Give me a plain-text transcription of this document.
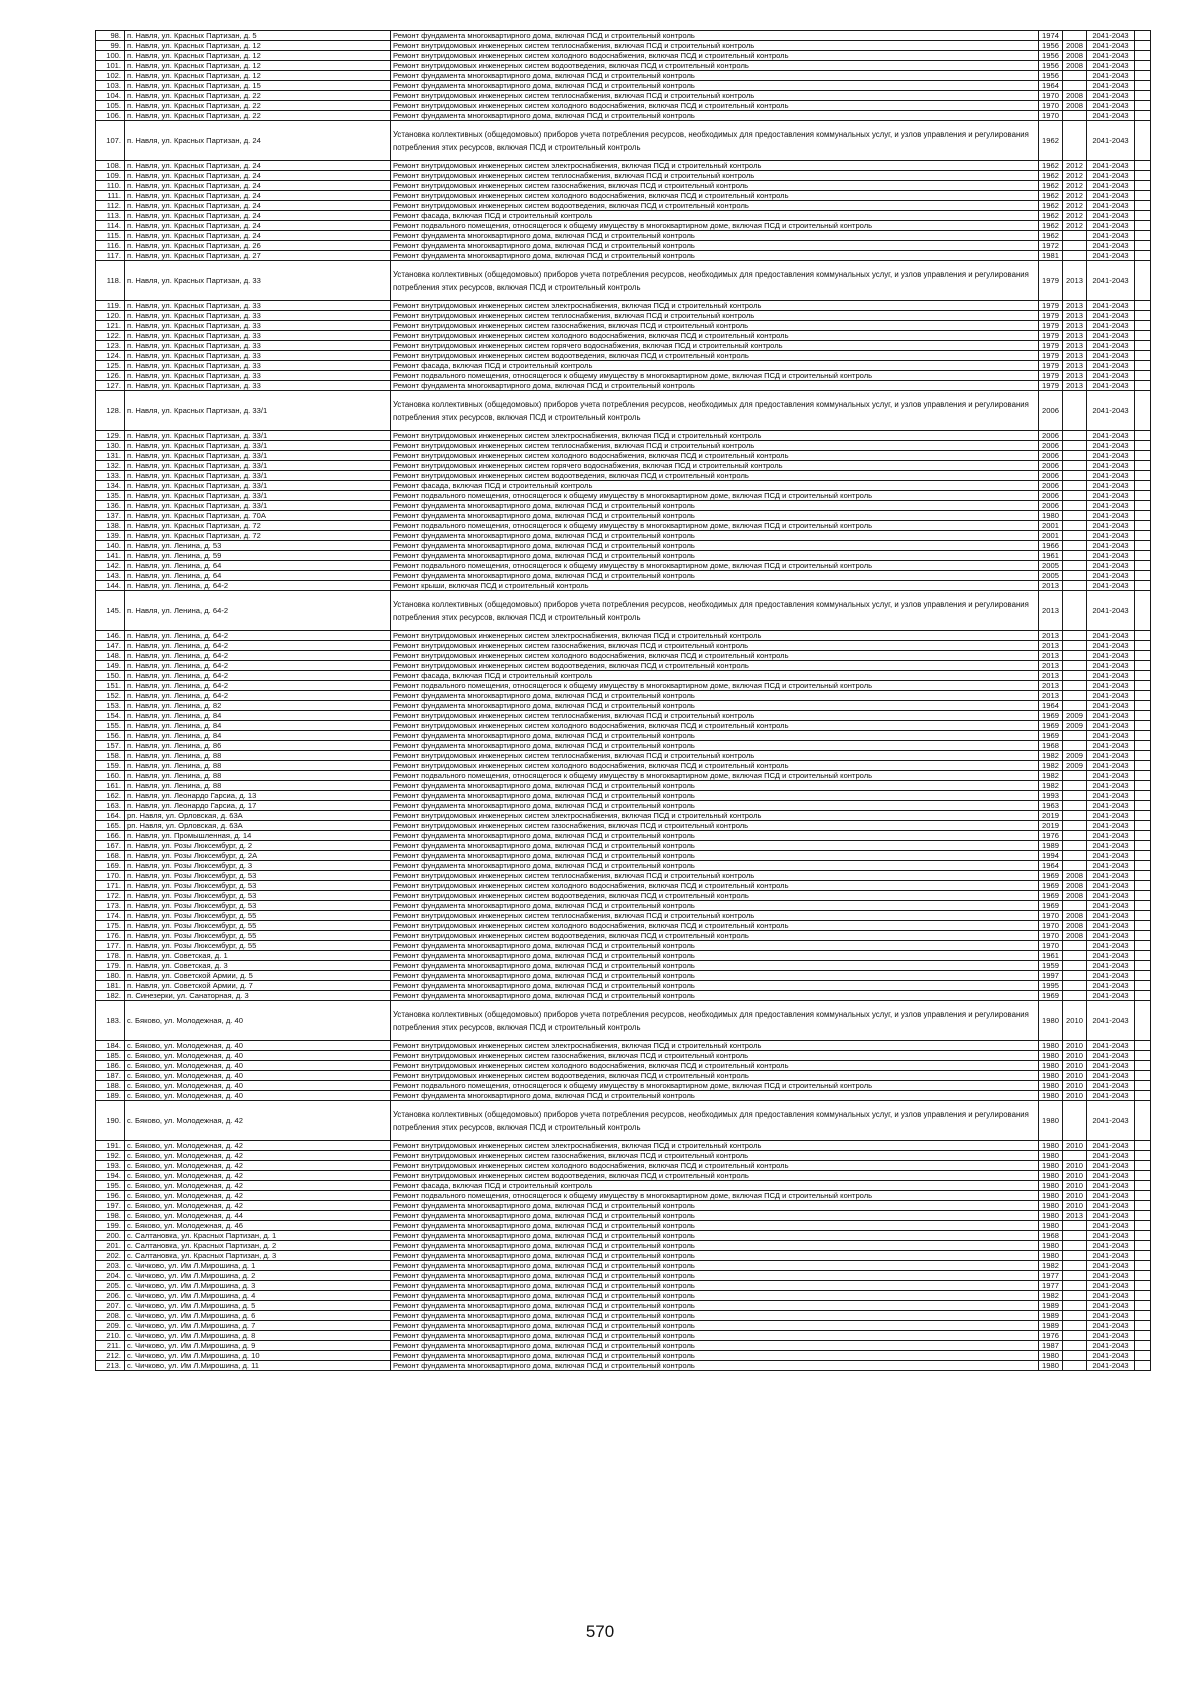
98.	п. Навля, ул. Красных Партизан, д. 5	Ремонт фундамента многоквартирного дома, включая ПСД и строительный контроль	1974		2041-2043	
99.	п. Навля, ул. Красных Партизан, д. 12	Ремонт внутридомовых инженерных систем теплоснабжения, включая ПСД и строительный контроль	1956	2008	2041-2043	
100.	п. Навля, ул. Красных Партизан, д. 12	Ремонт внутридомовых инженерных систем холодного водоснабжения, включая ПСД и строительный контроль	1956	2008	2041-2043	
101.	п. Навля, ул. Красных Партизан, д. 12	Ремонт внутридомовых инженерных систем водоотведения, включая ПСД и строительный контроль	1956	2008	2041-2043	
102.	п. Навля, ул. Красных Партизан, д. 12	Ремонт фундамента многоквартирного дома, включая ПСД и строительный контроль	1956		2041-2043	
103.	п. Навля, ул. Красных Партизан, д. 15	Ремонт фундамента многоквартирного дома, включая ПСД и строительный контроль	1964		2041-2043	
104.	п. Навля, ул. Красных Партизан, д. 22	Ремонт внутридомовых инженерных систем теплоснабжения, включая ПСД и строительный контроль	1970	2008	2041-2043	
105.	п. Навля, ул. Красных Партизан, д. 22	Ремонт внутридомовых инженерных систем холодного водоснабжения, включая ПСД и строительный контроль	1970	2008	2041-2043	
106.	п. Навля, ул. Красных Партизан, д. 22	Ремонт фундамента многоквартирного дома, включая ПСД и строительный контроль	1970		2041-2043	
107.	п. Навля, ул. Красных Партизан, д. 24	Установка коллективных (общедомовых) приборов учета потребления ресурсов, необходимых для предоставления коммунальных услуг, и узлов управления и регулирования потребления этих ресурсов, включая ПСД и строительный контроль	1962		2041-2043	
108.	п. Навля, ул. Красных Партизан, д. 24	Ремонт внутридомовых инженерных систем электроснабжения, включая ПСД и строительный контроль	1962	2012	2041-2043	
109.	п. Навля, ул. Красных Партизан, д. 24	Ремонт внутридомовых инженерных систем теплоснабжения, включая ПСД и строительный контроль	1962	2012	2041-2043	
110.	п. Навля, ул. Красных Партизан, д. 24	Ремонт внутридомовых инженерных систем газоснабжения, включая ПСД и строительный контроль	1962	2012	2041-2043	
111.	п. Навля, ул. Красных Партизан, д. 24	Ремонт внутридомовых инженерных систем холодного водоснабжения, включая ПСД и строительный контроль	1962	2012	2041-2043	
112.	п. Навля, ул. Красных Партизан, д. 24	Ремонт внутридомовых инженерных систем водоотведения, включая ПСД и строительный контроль	1962	2012	2041-2043	
113.	п. Навля, ул. Красных Партизан, д. 24	Ремонт фасада, включая ПСД и строительный контроль	1962	2012	2041-2043	
114.	п. Навля, ул. Красных Партизан, д. 24	Ремонт подвального помещения, относящегося к общему имуществу в многоквартирном доме, включая ПСД и строительный контроль	1962	2012	2041-2043	
115.	п. Навля, ул. Красных Партизан, д. 24	Ремонт фундамента многоквартирного дома, включая ПСД и строительный контроль	1962		2041-2043	
116.	п. Навля, ул. Красных Партизан, д. 26	Ремонт фундамента многоквартирного дома, включая ПСД и строительный контроль	1972		2041-2043	
117.	п. Навля, ул. Красных Партизан, д. 27	Ремонт фундамента многоквартирного дома, включая ПСД и строительный контроль	1981		2041-2043	
118.	п. Навля, ул. Красных Партизан, д. 33	Установка коллективных (общедомовых) приборов учета потребления ресурсов, необходимых для предоставления коммунальных услуг, и узлов управления и регулирования потребления этих ресурсов, включая ПСД и строительный контроль	1979	2013	2041-2043	
119.	п. Навля, ул. Красных Партизан, д. 33	Ремонт внутридомовых инженерных систем электроснабжения, включая ПСД и строительный контроль	1979	2013	2041-2043	
120.	п. Навля, ул. Красных Партизан, д. 33	Ремонт внутридомовых инженерных систем теплоснабжения, включая ПСД и строительный контроль	1979	2013	2041-2043	
121.	п. Навля, ул. Красных Партизан, д. 33	Ремонт внутридомовых инженерных систем газоснабжения, включая ПСД и строительный контроль	1979	2013	2041-2043	
122.	п. Навля, ул. Красных Партизан, д. 33	Ремонт внутридомовых инженерных систем холодного водоснабжения, включая ПСД и строительный контроль	1979	2013	2041-2043	
123.	п. Навля, ул. Красных Партизан, д. 33	Ремонт внутридомовых инженерных систем горячего водоснабжения, включая ПСД и строительный контроль	1979	2013	2041-2043	
124.	п. Навля, ул. Красных Партизан, д. 33	Ремонт внутридомовых инженерных систем водоотведения, включая ПСД и строительный контроль	1979	2013	2041-2043	
125.	п. Навля, ул. Красных Партизан, д. 33	Ремонт фасада, включая ПСД и строительный контроль	1979	2013	2041-2043	
126.	п. Навля, ул. Красных Партизан, д. 33	Ремонт подвального помещения, относящегося к общему имуществу в многоквартирном доме, включая ПСД и строительный контроль	1979	2013	2041-2043	
127.	п. Навля, ул. Красных Партизан, д. 33	Ремонт фундамента многоквартирного дома, включая ПСД и строительный контроль	1979	2013	2041-2043	
128.	п. Навля, ул. Красных Партизан, д. 33/1	Установка коллективных (общедомовых) приборов учета потребления ресурсов, необходимых для предоставления коммунальных услуг, и узлов управления и регулирования потребления этих ресурсов, включая ПСД и строительный контроль	2006		2041-2043	
129.	п. Навля, ул. Красных Партизан, д. 33/1	Ремонт внутридомовых инженерных систем электроснабжения, включая ПСД и строительный контроль	2006		2041-2043	
130.	п. Навля, ул. Красных Партизан, д. 33/1	Ремонт внутридомовых инженерных систем теплоснабжения, включая ПСД и строительный контроль	2006		2041-2043	
131.	п. Навля, ул. Красных Партизан, д. 33/1	Ремонт внутридомовых инженерных систем холодного водоснабжения, включая ПСД и строительный контроль	2006		2041-2043	
132.	п. Навля, ул. Красных Партизан, д. 33/1	Ремонт внутридомовых инженерных систем горячего водоснабжения, включая ПСД и строительный контроль	2006		2041-2043	
133.	п. Навля, ул. Красных Партизан, д. 33/1	Ремонт внутридомовых инженерных систем водоотведения, включая ПСД и строительный контроль	2006		2041-2043	
134.	п. Навля, ул. Красных Партизан, д. 33/1	Ремонт фасада, включая ПСД и строительный контроль	2006		2041-2043	
135.	п. Навля, ул. Красных Партизан, д. 33/1	Ремонт подвального помещения, относящегося к общему имуществу в многоквартирном доме, включая ПСД и строительный контроль	2006		2041-2043	
136.	п. Навля, ул. Красных Партизан, д. 33/1	Ремонт фундамента многоквартирного дома, включая ПСД и строительный контроль	2006		2041-2043	
137.	п. Навля, ул. Красных Партизан, д. 70А	Ремонт фундамента многоквартирного дома, включая ПСД и строительный контроль	1980		2041-2043	
138.	п. Навля, ул. Красных Партизан, д. 72	Ремонт подвального помещения, относящегося к общему имуществу в многоквартирном доме, включая ПСД и строительный контроль	2001		2041-2043	
139.	п. Навля, ул. Красных Партизан, д. 72	Ремонт фундамента многоквартирного дома, включая ПСД и строительный контроль	2001		2041-2043	
140.	п. Навля, ул. Ленина, д. 53	Ремонт фундамента многоквартирного дома, включая ПСД и строительный контроль	1966		2041-2043	
141.	п. Навля, ул. Ленина, д. 59	Ремонт фундамента многоквартирного дома, включая ПСД и строительный контроль	1961		2041-2043	
142.	п. Навля, ул. Ленина, д. 64	Ремонт подвального помещения, относящегося к общему имуществу в многоквартирном доме, включая ПСД и строительный контроль	2005		2041-2043	
143.	п. Навля, ул. Ленина, д. 64	Ремонт фундамента многоквартирного дома, включая ПСД и строительный контроль	2005		2041-2043	
144.	п. Навля, ул. Ленина, д. 64-2	Ремонт крыши, включая ПСД и строительный контроль	2013		2041-2043	
145.	п. Навля, ул. Ленина, д. 64-2	Установка коллективных (общедомовых) приборов учета потребления ресурсов, необходимых для предоставления коммунальных услуг, и узлов управления и регулирования потребления этих ресурсов, включая ПСД и строительный контроль	2013		2041-2043	
146.	п. Навля, ул. Ленина, д. 64-2	Ремонт внутридомовых инженерных систем электроснабжения, включая ПСД и строительный контроль	2013		2041-2043	
147.	п. Навля, ул. Ленина, д. 64-2	Ремонт внутридомовых инженерных систем газоснабжения, включая ПСД и строительный контроль	2013		2041-2043	
148.	п. Навля, ул. Ленина, д. 64-2	Ремонт внутридомовых инженерных систем холодного водоснабжения, включая ПСД и строительный контроль	2013		2041-2043	
149.	п. Навля, ул. Ленина, д. 64-2	Ремонт внутридомовых инженерных систем водоотведения, включая ПСД и строительный контроль	2013		2041-2043	
150.	п. Навля, ул. Ленина, д. 64-2	Ремонт фасада, включая ПСД и строительный контроль	2013		2041-2043	
151.	п. Навля, ул. Ленина, д. 64-2	Ремонт подвального помещения, относящегося к общему имуществу в многоквартирном доме, включая ПСД и строительный контроль	2013		2041-2043	
152.	п. Навля, ул. Ленина, д. 64-2	Ремонт фундамента многоквартирного дома, включая ПСД и строительный контроль	2013		2041-2043	
153.	п. Навля, ул. Ленина, д. 82	Ремонт фундамента многоквартирного дома, включая ПСД и строительный контроль	1964		2041-2043	
154.	п. Навля, ул. Ленина, д. 84	Ремонт внутридомовых инженерных систем теплоснабжения, включая ПСД и строительный контроль	1969	2009	2041-2043	
155.	п. Навля, ул. Ленина, д. 84	Ремонт внутридомовых инженерных систем холодного водоснабжения, включая ПСД и строительный контроль	1969	2009	2041-2043	
156.	п. Навля, ул. Ленина, д. 84	Ремонт фундамента многоквартирного дома, включая ПСД и строительный контроль	1969		2041-2043	
157.	п. Навля, ул. Ленина, д. 86	Ремонт фундамента многоквартирного дома, включая ПСД и строительный контроль	1968		2041-2043	
158.	п. Навля, ул. Ленина, д. 88	Ремонт внутридомовых инженерных систем теплоснабжения, включая ПСД и строительный контроль	1982	2009	2041-2043	
159.	п. Навля, ул. Ленина, д. 88	Ремонт внутридомовых инженерных систем холодного водоснабжения, включая ПСД и строительный контроль	1982	2009	2041-2043	
160.	п. Навля, ул. Ленина, д. 88	Ремонт подвального помещения, относящегося к общему имуществу в многоквартирном доме, включая ПСД и строительный контроль	1982		2041-2043	
161.	п. Навля, ул. Ленина, д. 88	Ремонт фундамента многоквартирного дома, включая ПСД и строительный контроль	1982		2041-2043	
162.	п. Навля, ул. Леонардо Гарсиа, д. 13	Ремонт фундамента многоквартирного дома, включая ПСД и строительный контроль	1993		2041-2043	
163.	п. Навля, ул. Леонардо Гарсиа, д. 17	Ремонт фундамента многоквартирного дома, включая ПСД и строительный контроль	1963		2041-2043	
164.	рп. Навля, ул. Орловская, д. 63А	Ремонт внутридомовых инженерных систем электроснабжения, включая ПСД и строительный контроль	2019		2041-2043	
165.	рп. Навля, ул. Орловская, д. 63А	Ремонт внутридомовых инженерных систем газоснабжения, включая ПСД и строительный контроль	2019		2041-2043	
166.	п. Навля, ул. Промышленная, д. 14	Ремонт фундамента многоквартирного дома, включая ПСД и строительный контроль	1976		2041-2043	
167.	п. Навля, ул. Розы Люксембург, д. 2	Ремонт фундамента многоквартирного дома, включая ПСД и строительный контроль	1989		2041-2043	
168.	п. Навля, ул. Розы Люксембург, д. 2А	Ремонт фундамента многоквартирного дома, включая ПСД и строительный контроль	1994		2041-2043	
169.	п. Навля, ул. Розы Люксембург, д. 3	Ремонт фундамента многоквартирного дома, включая ПСД и строительный контроль	1964		2041-2043	
170.	п. Навля, ул. Розы Люксембург, д. 53	Ремонт внутридомовых инженерных систем теплоснабжения, включая ПСД и строительный контроль	1969	2008	2041-2043	
171.	п. Навля, ул. Розы Люксембург, д. 53	Ремонт внутридомовых инженерных систем холодного водоснабжения, включая ПСД и строительный контроль	1969	2008	2041-2043	
172.	п. Навля, ул. Розы Люксембург, д. 53	Ремонт внутридомовых инженерных систем водоотведения, включая ПСД и строительный контроль	1969	2008	2041-2043	
173.	п. Навля, ул. Розы Люксембург, д. 53	Ремонт фундамента многоквартирного дома, включая ПСД и строительный контроль	1969		2041-2043	
174.	п. Навля, ул. Розы Люксембург, д. 55	Ремонт внутридомовых инженерных систем теплоснабжения, включая ПСД и строительный контроль	1970	2008	2041-2043	
175.	п. Навля, ул. Розы Люксембург, д. 55	Ремонт внутридомовых инженерных систем холодного водоснабжения, включая ПСД и строительный контроль	1970	2008	2041-2043	
176.	п. Навля, ул. Розы Люксембург, д. 55	Ремонт внутридомовых инженерных систем водоотведения, включая ПСД и строительный контроль	1970	2008	2041-2043	
177.	п. Навля, ул. Розы Люксембург, д. 55	Ремонт фундамента многоквартирного дома, включая ПСД и строительный контроль	1970		2041-2043	
178.	п. Навля, ул. Советская, д. 1	Ремонт фундамента многоквартирного дома, включая ПСД и строительный контроль	1961		2041-2043	
179.	п. Навля, ул. Советская, д. 3	Ремонт фундамента многоквартирного дома, включая ПСД и строительный контроль	1959		2041-2043	
180.	п. Навля, ул. Советской Армии, д. 5	Ремонт фундамента многоквартирного дома, включая ПСД и строительный контроль	1997		2041-2043	
181.	п. Навля, ул. Советской Армии, д. 7	Ремонт фундамента многоквартирного дома, включая ПСД и строительный контроль	1995		2041-2043	
182.	п. Синезерки, ул. Санаторная, д. 3	Ремонт фундамента многоквартирного дома, включая ПСД и строительный контроль	1969		2041-2043	
183.	с. Бяково, ул. Молодежная, д. 40	Установка коллективных (общедомовых) приборов учета потребления ресурсов, необходимых для предоставления коммунальных услуг, и узлов управления и регулирования потребления этих ресурсов, включая ПСД и строительный контроль	1980	2010	2041-2043	
184.	с. Бяково, ул. Молодежная, д. 40	Ремонт внутридомовых инженерных систем электроснабжения, включая ПСД и строительный контроль	1980	2010	2041-2043	
185.	с. Бяково, ул. Молодежная, д. 40	Ремонт внутридомовых инженерных систем газоснабжения, включая ПСД и строительный контроль	1980	2010	2041-2043	
186.	с. Бяково, ул. Молодежная, д. 40	Ремонт внутридомовых инженерных систем холодного водоснабжения, включая ПСД и строительный контроль	1980	2010	2041-2043	
187.	с. Бяково, ул. Молодежная, д. 40	Ремонт внутридомовых инженерных систем водоотведения, включая ПСД и строительный контроль	1980	2010	2041-2043	
188.	с. Бяково, ул. Молодежная, д. 40	Ремонт подвального помещения, относящегося к общему имуществу в многоквартирном доме, включая ПСД и строительный контроль	1980	2010	2041-2043	
189.	с. Бяково, ул. Молодежная, д. 40	Ремонт фундамента многоквартирного дома, включая ПСД и строительный контроль	1980	2010	2041-2043	
190.	с. Бяково, ул. Молодежная, д. 42	Установка коллективных (общедомовых) приборов учета потребления ресурсов, необходимых для предоставления коммунальных услуг, и узлов управления и регулирования потребления этих ресурсов, включая ПСД и строительный контроль	1980		2041-2043	
191.	с. Бяково, ул. Молодежная, д. 42	Ремонт внутридомовых инженерных систем электроснабжения, включая ПСД и строительный контроль	1980	2010	2041-2043	
192.	с. Бяково, ул. Молодежная, д. 42	Ремонт внутридомовых инженерных систем газоснабжения, включая ПСД и строительный контроль	1980		2041-2043	
193.	с. Бяково, ул. Молодежная, д. 42	Ремонт внутридомовых инженерных систем холодного водоснабжения, включая ПСД и строительный контроль	1980	2010	2041-2043	
194.	с. Бяково, ул. Молодежная, д. 42	Ремонт внутридомовых инженерных систем водоотведения, включая ПСД и строительный контроль	1980	2010	2041-2043	
195.	с. Бяково, ул. Молодежная, д. 42	Ремонт фасада, включая ПСД и строительный контроль	1980	2010	2041-2043	
196.	с. Бяково, ул. Молодежная, д. 42	Ремонт подвального помещения, относящегося к общему имуществу в многоквартирном доме, включая ПСД и строительный контроль	1980	2010	2041-2043	
197.	с. Бяково, ул. Молодежная, д. 42	Ремонт фундамента многоквартирного дома, включая ПСД и строительный контроль	1980	2010	2041-2043	
198.	с. Бяково, ул. Молодежная, д. 44	Ремонт фундамента многоквартирного дома, включая ПСД и строительный контроль	1980	2013	2041-2043	
199.	с. Бяково, ул. Молодежная, д. 46	Ремонт фундамента многоквартирного дома, включая ПСД и строительный контроль	1980		2041-2043	
200.	с. Салтановка, ул. Красных Партизан, д. 1	Ремонт фундамента многоквартирного дома, включая ПСД и строительный контроль	1968		2041-2043	
201.	с. Салтановка, ул. Красных Партизан, д. 2	Ремонт фундамента многоквартирного дома, включая ПСД и строительный контроль	1980		2041-2043	
202.	с. Салтановка, ул. Красных Партизан, д. 3	Ремонт фундамента многоквартирного дома, включая ПСД и строительный контроль	1980		2041-2043	
203.	с. Чичково, ул. Им Л.Мирошина, д. 1	Ремонт фундамента многоквартирного дома, включая ПСД и строительный контроль	1982		2041-2043	
204.	с. Чичково, ул. Им Л.Мирошина, д. 2	Ремонт фундамента многоквартирного дома, включая ПСД и строительный контроль	1977		2041-2043	
205.	с. Чичково, ул. Им Л.Мирошина, д. 3	Ремонт фундамента многоквартирного дома, включая ПСД и строительный контроль	1977		2041-2043	
206.	с. Чичково, ул. Им Л.Мирошина, д. 4	Ремонт фундамента многоквартирного дома, включая ПСД и строительный контроль	1982		2041-2043	
207.	с. Чичково, ул. Им Л.Мирошина, д. 5	Ремонт фундамента многоквартирного дома, включая ПСД и строительный контроль	1989		2041-2043	
208.	с. Чичково, ул. Им Л.Мирошина, д. 6	Ремонт фундамента многоквартирного дома, включая ПСД и строительный контроль	1989		2041-2043	
209.	с. Чичково, ул. Им Л.Мирошина, д. 7	Ремонт фундамента многоквартирного дома, включая ПСД и строительный контроль	1989		2041-2043	
210.	с. Чичково, ул. Им Л.Мирошина, д. 8	Ремонт фундамента многоквартирного дома, включая ПСД и строительный контроль	1976		2041-2043	
211.	с. Чичково, ул. Им Л.Мирошина, д. 9	Ремонт фундамента многоквартирного дома, включая ПСД и строительный контроль	1987		2041-2043	
212.	с. Чичково, ул. Им Л.Мирошина, д. 10	Ремонт фундамента многоквартирного дома, включая ПСД и строительный контроль	1980		2041-2043	
213.	с. Чичково, ул. Им Л.Мирошина, д. 11	Ремонт фундамента многоквартирного дома, включая ПСД и строительный контроль	1980		2041-2043	
570
